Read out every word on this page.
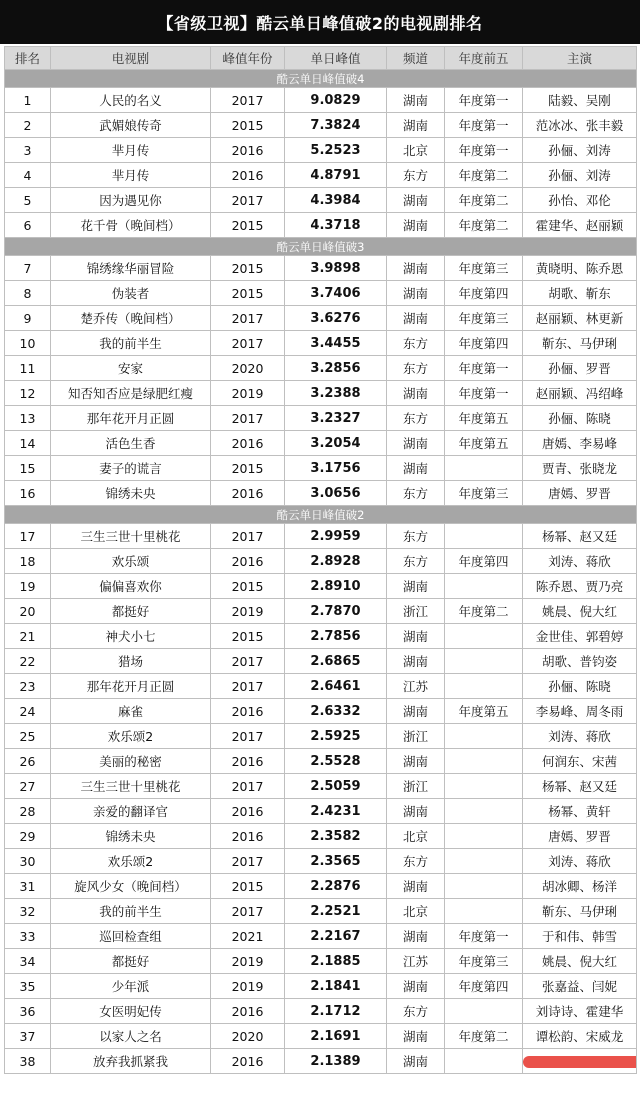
【省级卫视】酷云单日峰值破2的电视剧排名
排名	电视剧	峰值年份	单日峰值	频道	年度前五	主演
酷云单日峰值破4						
1	人民的名义	2017	9.0829	湖南	年度第一	陆毅、吴刚
2	武媚娘传奇	2015	7.3824	湖南	年度第一	范冰冰、张丰毅
3	芈月传	2016	5.2523	北京	年度第一	孙俪、刘涛
4	芈月传	2016	4.8791	东方	年度第二	孙俪、刘涛
5	因为遇见你	2017	4.3984	湖南	年度第二	孙怡、邓伦
6	花千骨（晚间档）	2015	4.3718	湖南	年度第二	霍建华、赵丽颖
酷云单日峰值破3						
7	锦绣缘华丽冒险	2015	3.9898	湖南	年度第三	黄晓明、陈乔恩
8	伪装者	2015	3.7406	湖南	年度第四	胡歌、靳东
9	楚乔传（晚间档）	2017	3.6276	湖南	年度第三	赵丽颖、林更新
10	我的前半生	2017	3.4455	东方	年度第四	靳东、马伊琍
11	安家	2020	3.2856	东方	年度第一	孙俪、罗晋
12	知否知否应是绿肥红瘦	2019	3.2388	湖南	年度第一	赵丽颖、冯绍峰
13	那年花开月正圆	2017	3.2327	东方	年度第五	孙俪、陈晓
14	活色生香	2016	3.2054	湖南	年度第五	唐嫣、李易峰
15	妻子的谎言	2015	3.1756	湖南		贾青、张晓龙
16	锦绣未央	2016	3.0656	东方	年度第三	唐嫣、罗晋
酷云单日峰值破2						
17	三生三世十里桃花	2017	2.9959	东方		杨幂、赵又廷
18	欢乐颂	2016	2.8928	东方	年度第四	刘涛、蒋欣
19	偏偏喜欢你	2015	2.8910	湖南		陈乔恩、贾乃亮
20	都挺好	2019	2.7870	浙江	年度第二	姚晨、倪大红
21	神犬小七	2015	2.7856	湖南		金世佳、郭碧婷
22	猎场	2017	2.6865	湖南		胡歌、普钧姿
23	那年花开月正圆	2017	2.6461	江苏		孙俪、陈晓
24	麻雀	2016	2.6332	湖南	年度第五	李易峰、周冬雨
25	欢乐颂2	2017	2.5925	浙江		刘涛、蒋欣
26	美丽的秘密	2016	2.5528	湖南		何润东、宋茜
27	三生三世十里桃花	2017	2.5059	浙江		杨幂、赵又廷
28	亲爱的翻译官	2016	2.4231	湖南		杨幂、黄轩
29	锦绣未央	2016	2.3582	北京		唐嫣、罗晋
30	欢乐颂2	2017	2.3565	东方		刘涛、蒋欣
31	旋风少女（晚间档）	2015	2.2876	湖南		胡冰卿、杨洋
32	我的前半生	2017	2.2521	北京		靳东、马伊琍
33	巡回检查组	2021	2.2167	湖南	年度第一	于和伟、韩雪
34	都挺好	2019	2.1885	江苏	年度第三	姚晨、倪大红
35	少年派	2019	2.1841	湖南	年度第四	张嘉益、闫妮
36	女医明妃传	2016	2.1712	东方		刘诗诗、霍建华
37	以家人之名	2020	2.1691	湖南	年度第二	谭松韵、宋威龙
38	放弃我抓紧我	2016	2.1389	湖南		
